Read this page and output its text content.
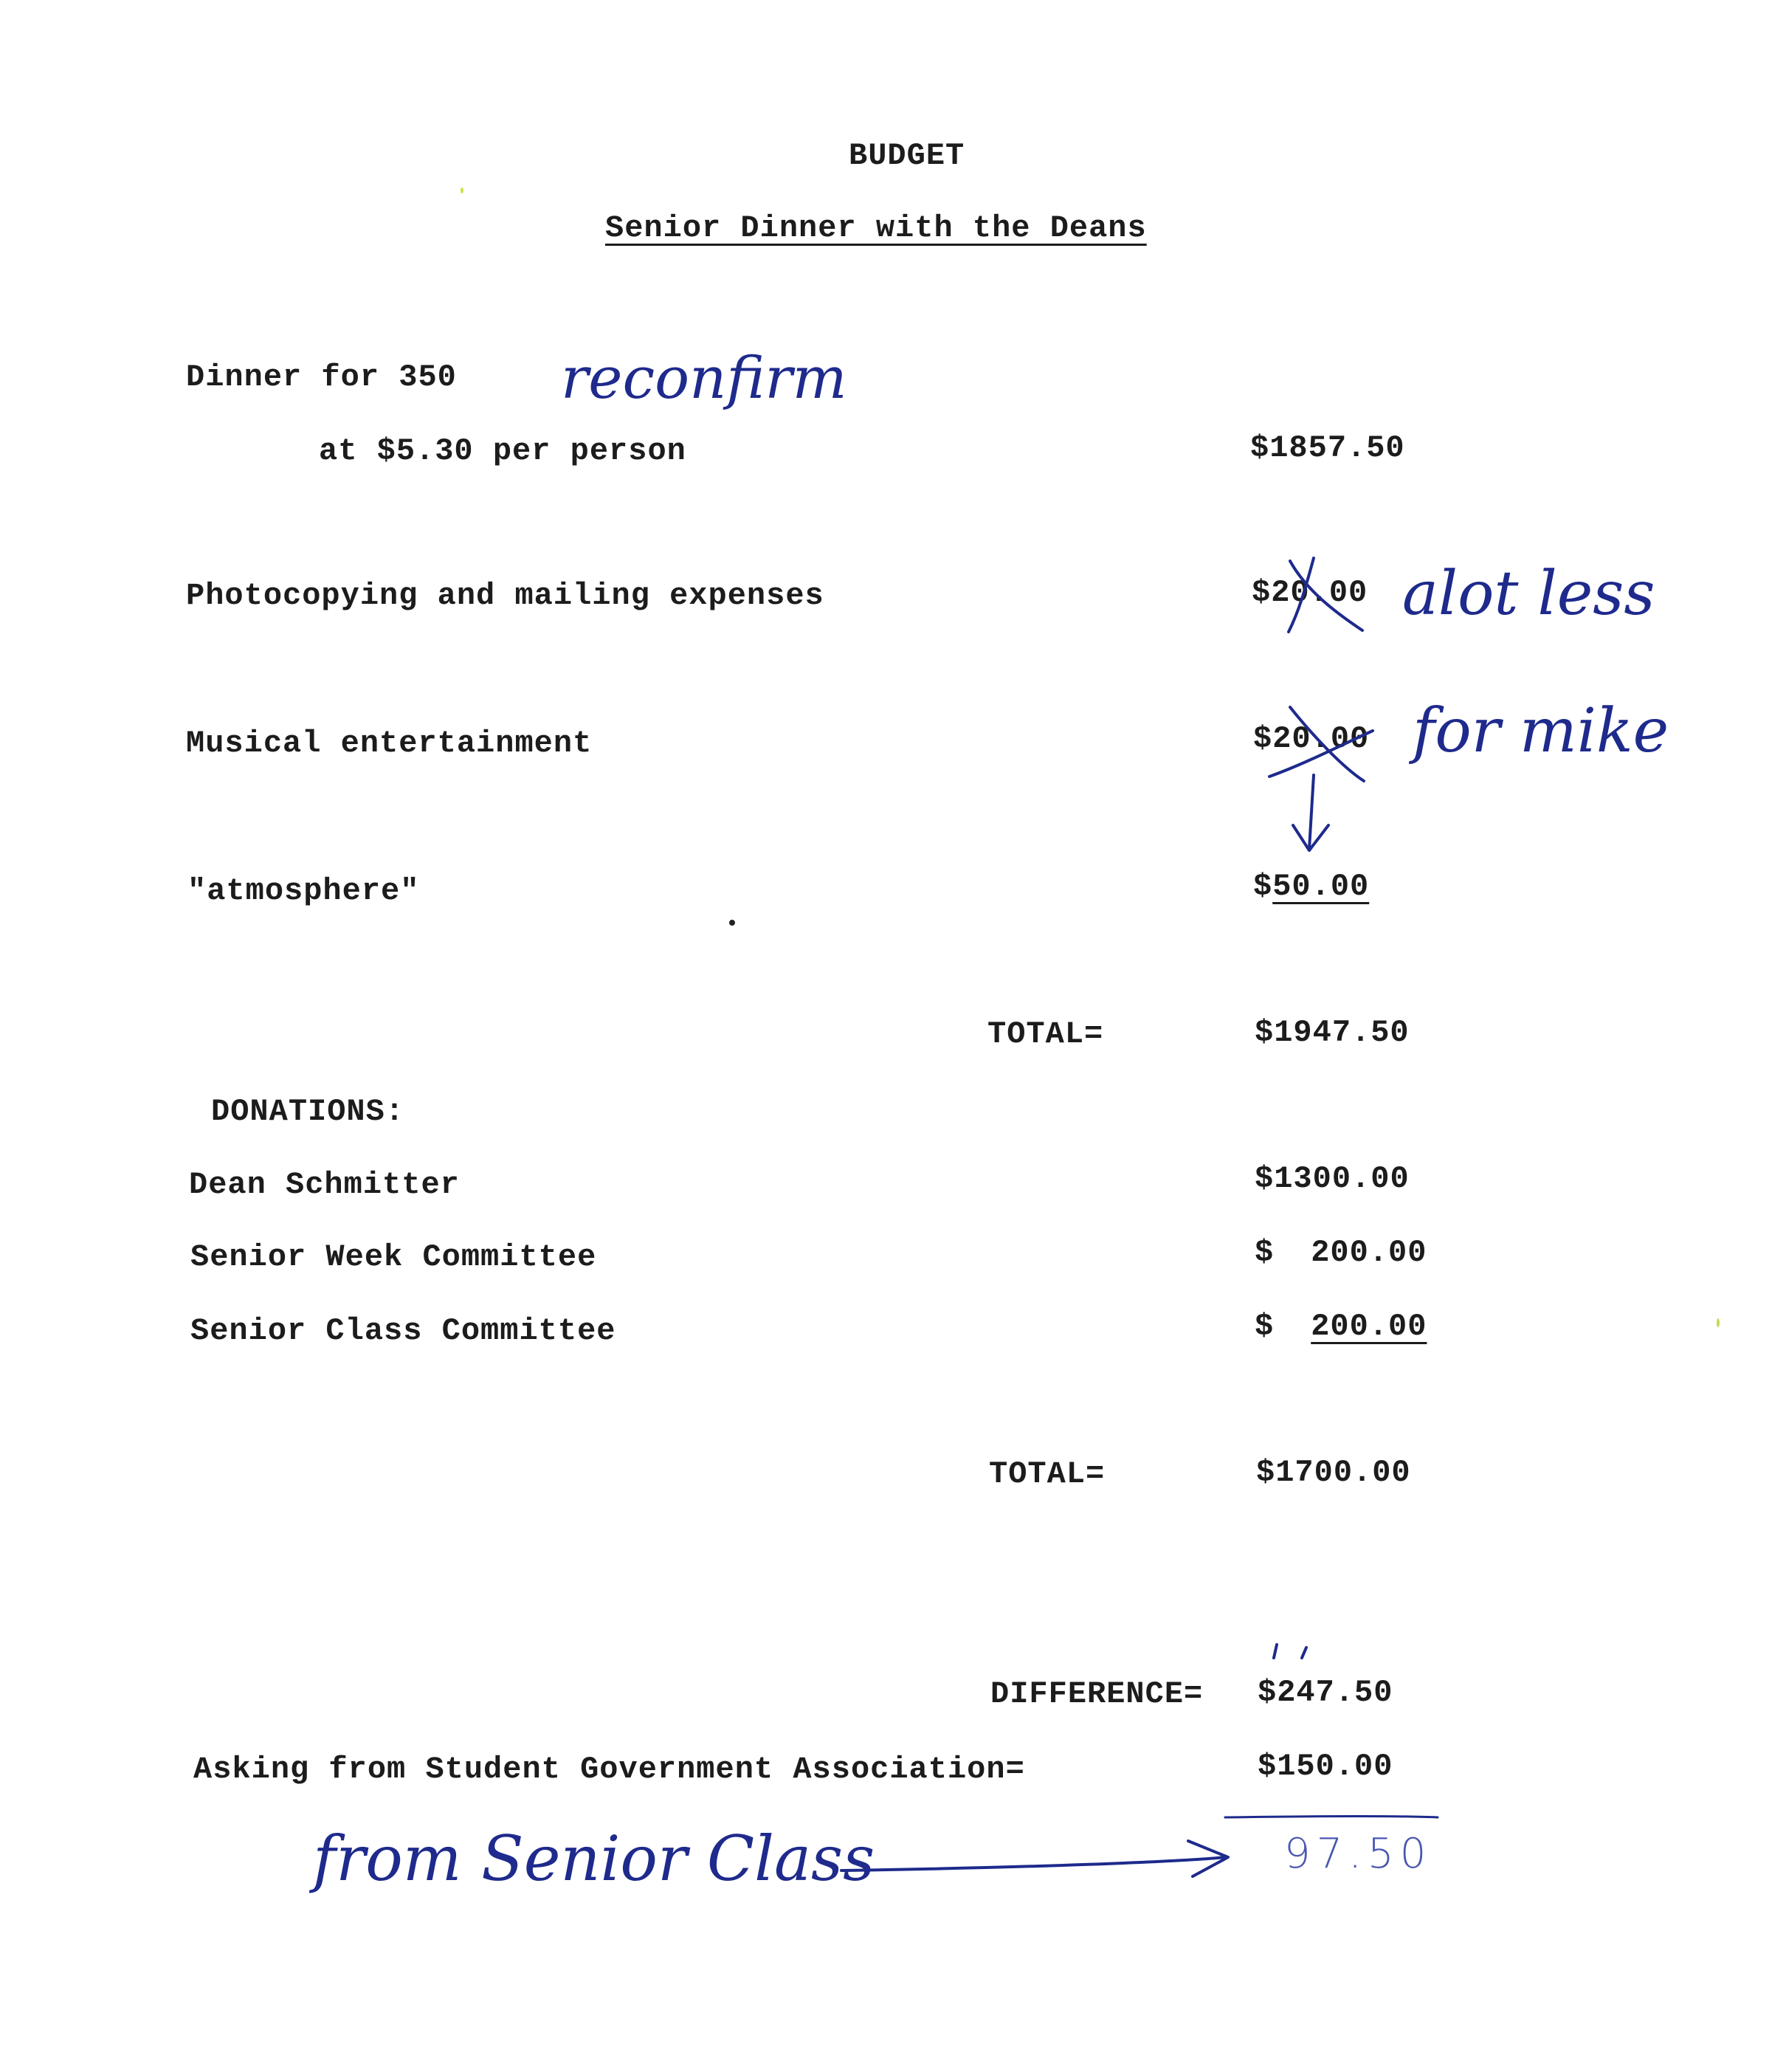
BUDGET
Senior Dinner with the Deans
Dinner for 350
at $5.30 per person	$1857.50
Photocopying and mailing expenses	$20.00
Musical entertainment	$20.00
"atmosphere"	$50.00
TOTAL=	$1947.50
DONATIONS:
Dean Schmitter	$1300.00
Senior Week Committee	$ 200.00
Senior Class Committee	$ 200.00
TOTAL=	$1700.00
DIFFERENCE= $247.50
Asking from Student Government Association=	$150.00
reconfirm
alot less
for mike
from Senior Class	97.50
